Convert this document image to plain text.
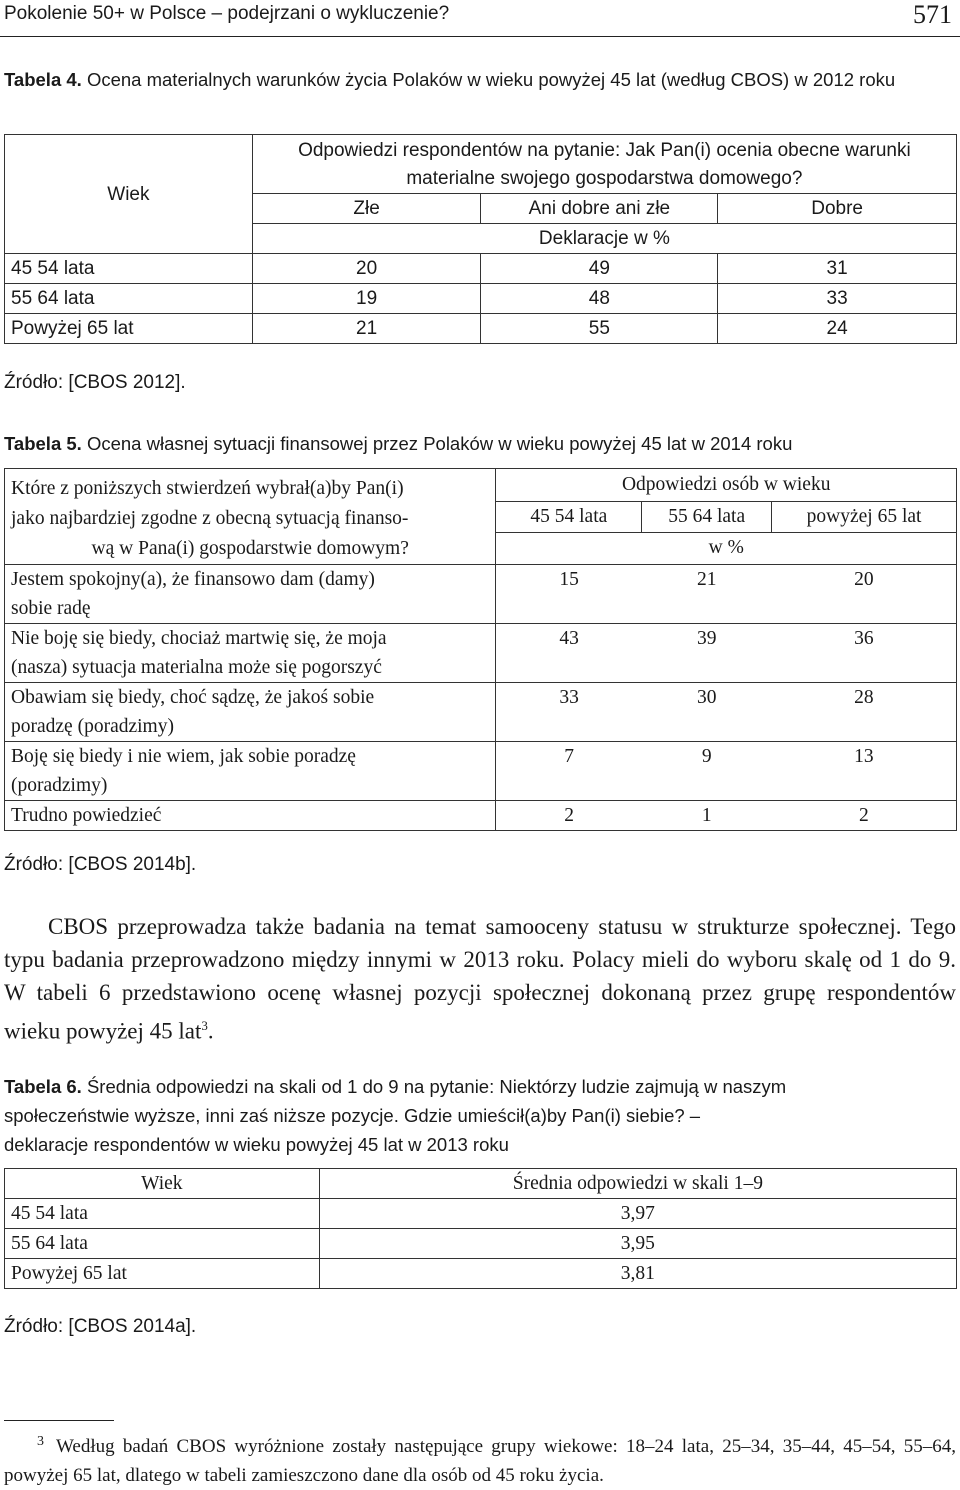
Pokolenie 50+ w Polsce – podejrzani o wykluczenie?	571
Tabela 4. Ocena materialnych warunków życia Polaków w wieku powyżej 45 lat (według CBOS) w 2012 roku
Wiek	Odpowiedzi respondentów na pytanie: Jak Pan(i) ocenia obecne warunki materialne swojego gospodarstwa domowego?		
	Złe	Ani dobre ani złe	Dobre
	Deklaracje w %		
45 54 lata	20	49	31
55 64 lata	19	48	33
Powyżej 65 lat	21	55	24
Źródło: [CBOS 2012].
Tabela 5. Ocena własnej sytuacji finansowej przez Polaków w wieku powyżej 45 lat w 2014 roku
Które z poniższych stwierdzeń wybrał(a)by Pan(i)
jako najbardziej zgodne z obecną sytuacją finanso-
wą w Pana(i) gospodarstwie domowym?	Odpowiedzi osób w wieku		
	45 54 lata	55 64 lata	powyżej 65 lat
	w %		

Jestem spokojny(a), że finansowo dam (damy)
sobie radę	15	21	20

Nie boję się biedy, chociaż martwię się, że moja
(nasza) sytuacja materialna może się pogorszyć	43	39	36

Obawiam się biedy, choć sądzę, że jakoś sobie
poradzę (poradzimy)	33	30	28

Boję się biedy i nie wiem, jak sobie poradzę
(poradzimy)	7	9	13

Trudno powiedzieć	2	1	2
Źródło: [CBOS 2014b].
CBOS przeprowadza także badania na temat samooceny statusu w strukturze społecznej. Tego typu badania przeprowadzono między innymi w 2013 roku. Polacy mieli do wyboru skalę od 1 do 9. W tabeli 6 przedstawiono ocenę własnej pozycji społecznej dokonaną przez grupę respondentów wieku powyżej 45 lat$^3$.
Tabela 6. Średnia odpowiedzi na skali od 1 do 9 na pytanie: Niektórzy ludzie zajmują w naszym
społeczeństwie wyższe, inni zaś niższe pozycje. Gdzie umieścił(a)by Pan(i) siebie? –
deklaracje respondentów w wieku powyżej 45 lat w 2013 roku
Wiek	Średnia odpowiedzi w skali 1–9
45 54 lata	3,97
55 64 lata	3,95
Powyżej 65 lat	3,81
Źródło: [CBOS 2014a].
3 Według badań CBOS wyróżnione zostały następujące grupy wiekowe: 18–24 lata, 25–34, 35–44, 45–54, 55–64, powyżej 65 lat, dlatego w tabeli zamieszczono dane dla osób od 45 roku życia.
